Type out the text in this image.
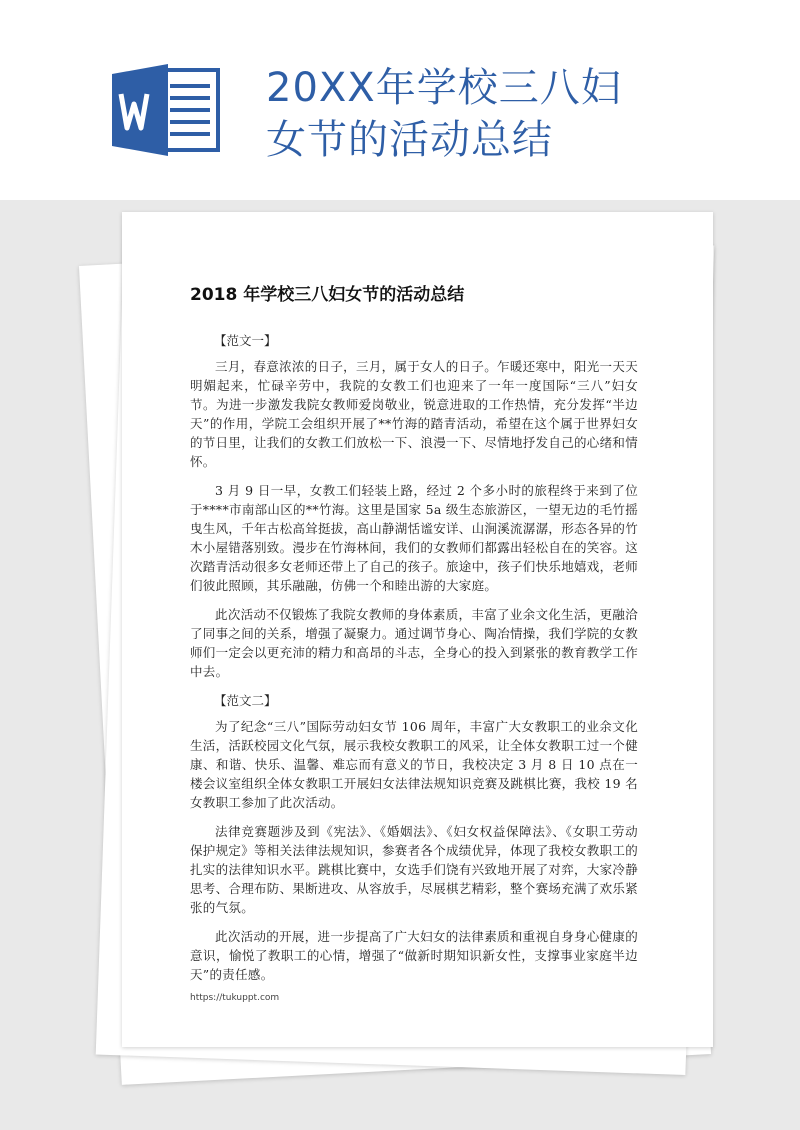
20XX年学校三八妇
女节的活动总结
2018 年学校三八妇女节的活动总结
【范文一】

三月，春意浓浓的日子，三月，属于女人的日子。乍暖还寒中，阳光一天天明媚起来，忙碌辛劳中，我院的女教工们也迎来了一年一度国际“三八”妇女节。为进一步激发我院女教师爱岗敬业，锐意进取的工作热情，充分发挥“半边天”的作用，学院工会组织开展了**竹海的踏青活动，希望在这个属于世界妇女的节日里，让我们的女教工们放松一下、浪漫一下、尽情地抒发自己的心绪和情怀。

3 月 9 日一早，女教工们轻装上路，经过 2 个多小时的旅程终于来到了位于****市南部山区的**竹海。这里是国家 5a 级生态旅游区，一望无边的毛竹摇曳生风，千年古松高耸挺拔，高山静湖恬谧安详、山涧溪流潺潺，形态各异的竹木小屋错落别致。漫步在竹海林间，我们的女教师们都露出轻松自在的笑容。这次踏青活动很多女老师还带上了自己的孩子。旅途中，孩子们快乐地嬉戏，老师们彼此照顾，其乐融融，仿佛一个和睦出游的大家庭。

此次活动不仅锻炼了我院女教师的身体素质，丰富了业余文化生活，更融洽了同事之间的关系，增强了凝聚力。通过调节身心、陶冶情操，我们学院的女教师们一定会以更充沛的精力和高昂的斗志，全身心的投入到紧张的教育教学工作中去。

【范文二】

为了纪念“三八”国际劳动妇女节 106 周年，丰富广大女教职工的业余文化生活，活跃校园文化气氛，展示我校女教职工的风采，让全体女教职工过一个健康、和谐、快乐、温馨、难忘而有意义的节日，我校决定 3 月 8 日 10 点在一楼会议室组织全体女教职工开展妇女法律法规知识竞赛及跳棋比赛，我校 19 名女教职工参加了此次活动。

法律竞赛题涉及到《宪法》、《婚姻法》、《妇女权益保障法》、《女职工劳动保护规定》等相关法律法规知识，参赛者各个成绩优异，体现了我校女教职工的扎实的法律知识水平。跳棋比赛中，女选手们饶有兴致地开展了对弈，大家冷静思考、合理布防、果断进攻、从容放手，尽展棋艺精彩，整个赛场充满了欢乐紧张的气氛。

此次活动的开展，进一步提高了广大妇女的法律素质和重视自身身心健康的意识，愉悦了教职工的心情，增强了“做新时期知识新女性，支撑事业家庭半边天”的责任感。

https://tukuppt.com
